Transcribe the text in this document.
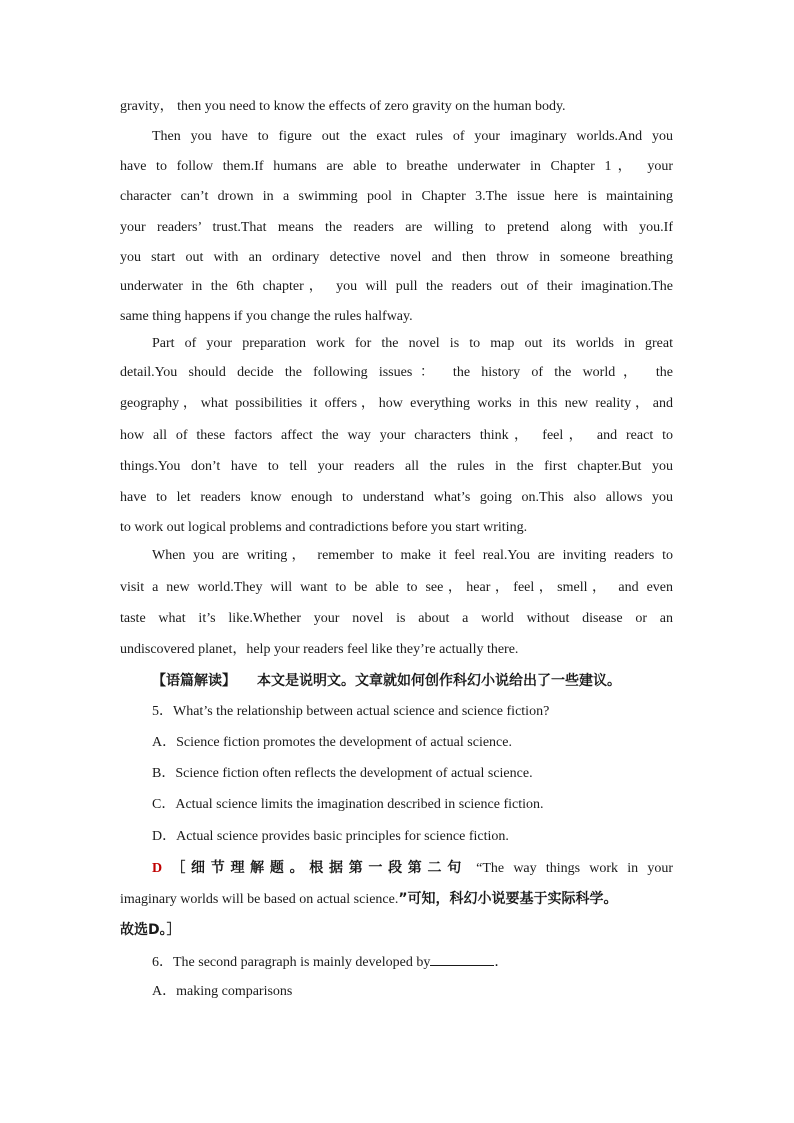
gravity， then you need to know the effects of zero gravity on the human body.
Then you have to figure out the exact rules of your imaginary worlds.And you
have to follow them.If humans are able to breathe underwater in Chapter 1， your
character can’t drown in a swimming pool in Chapter 3.The issue here is maintaining
your readers’ trust.That means the readers are willing to pretend along with you.If
you start out with an ordinary detective novel and then throw in someone breathing
underwater in the 6th chapter， you will pull the readers out of their imagination.The
same thing happens if you change the rules halfway.
Part of your preparation work for the novel is to map out its worlds in great
detail.You should decide the following issues： the history of the world， the
geography，what possibilities it offers，how everything works in this new reality，and
how all of these factors affect the way your characters think， feel， and react to
things.You don’t have to tell your readers all the rules in the first chapter.But you
have to let readers know enough to understand what’s going on.This also allows you
to work out logical problems and contradictions before you start writing.
When you are writing， remember to make it feel real.You are inviting readers to
visit a new world.They will want to be able to see，hear，feel，smell， and even
taste what it’s like.Whether your novel is about a world without disease or an
undiscovered planet，help your readers feel like they’re actually there.
【语篇解读】 本文是说明文。文章就如何创作科幻小说给出了一些建议。
5．What’s the relationship between actual science and science fiction?
A．Science fiction promotes the development of actual science.
B．Science fiction often reflects the development of actual science.
C．Actual science limits the imagination described in science fiction.
D．Actual science provides basic principles for science fiction.
D ［细节理解题。根据第一段第二句 “The way things work in your
imaginary worlds will be based on actual science.”可知，科幻小说要基于实际科学。
故选D。］
6．The second paragraph is mainly developed by	．
A．making comparisons
